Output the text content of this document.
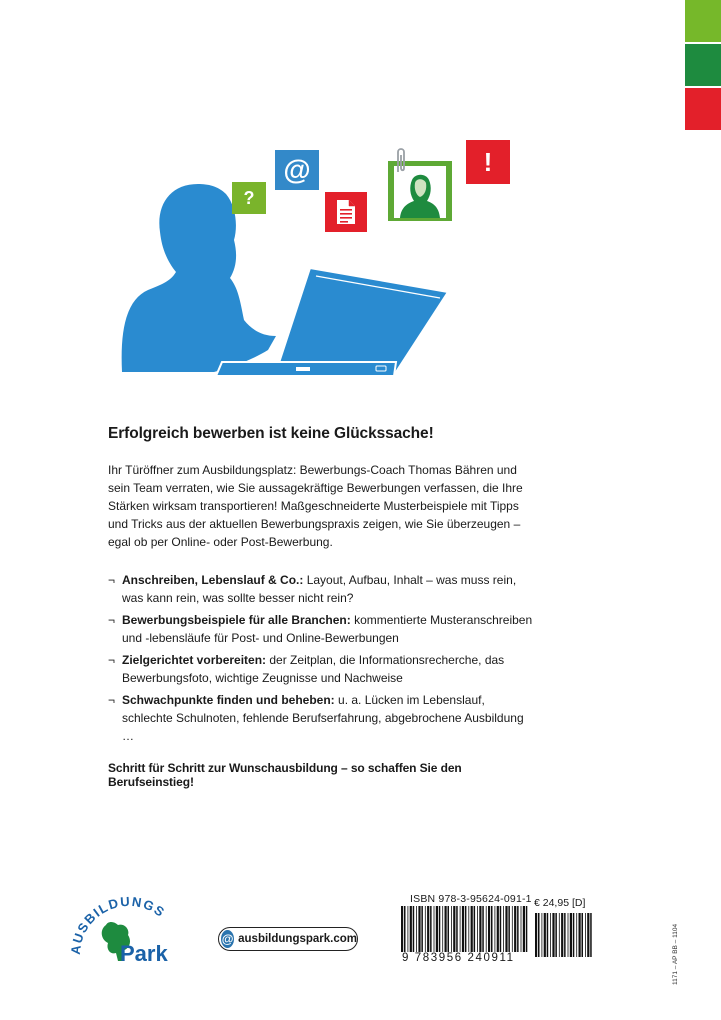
?
@	!
Erfolgreich bewerben ist keine Glückssache!

Ihr Türöffner zum Ausbildungsplatz: Bewerbungs-Coach Thomas Bähren und sein Team verraten, wie Sie aussagekräftige Bewerbungen verfassen, die Ihre Stärken wirksam transportieren! Maßgeschneiderte Musterbeispiele mit Tipps und Tricks aus der aktuellen Bewerbungspraxis zeigen, wie Sie überzeugen – egal ob per Online- oder Post-Bewerbung.

¬ Anschreiben, Lebenslauf & Co.: Layout, Aufbau, Inhalt – was muss rein, was kann rein, was sollte besser nicht rein?
¬ Bewerbungsbeispiele für alle Branchen: kommentierte Musteranschreiben und -lebensläufe für Post- und Online-Bewerbungen
¬ Zielgerichtet vorbereiten: der Zeitplan, die Informationsrecherche, das Bewerbungsfoto, wichtige Zeugnisse und Nachweise
¬ Schwachpunkte finden und beheben: u. a. Lücken im Lebenslauf, schlechte Schulnoten, fehlende Berufserfahrung, abgebrochene Ausbildung …

Schritt für Schritt zur Wunschausbildung – so schaffen Sie den Berufseinstieg!

USBILDUNGS
Park
@ ausbildungspark.com
ISBN 978-3-95624-091-1
9 783956 240911
€ 24,95 [D]
1171 – AP BB – 1104
